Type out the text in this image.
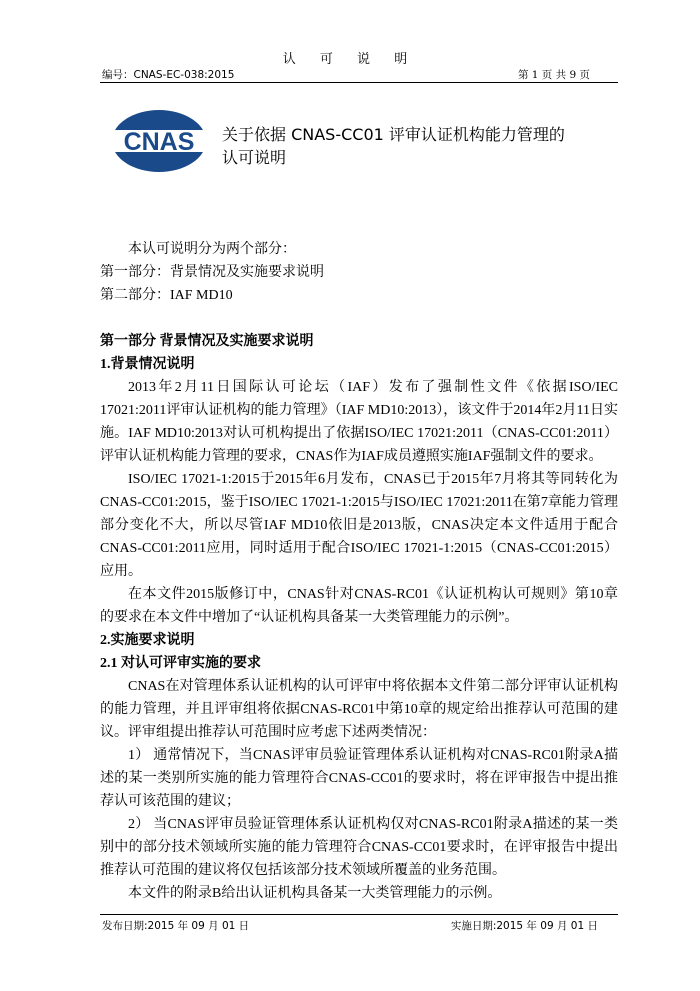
认 可 说 明
编号：CNAS-EC-038:2015	第 1 页 共 9 页
CNAS 关于依据 CNAS-CC01 评审认证机构能力管理的
认可说明

本认可说明分为两个部分：

第一部分：背景情况及实施要求说明

第二部分：IAF MD10

第一部分 背景情况及实施要求说明

1.背景情况说明

2013年2月11日国际认可论坛（IAF）发布了强制性文件《依据ISO/IEC 17021:2011评审认证机构的能力管理》（IAF MD10:2013），该文件于2014年2月11日实施。IAF MD10:2013对认可机构提出了依据ISO/IEC 17021:2011（CNAS-CC01:2011）评审认证机构能力管理的要求，CNAS作为IAF成员遵照实施IAF强制文件的要求。

ISO/IEC 17021-1:2015于2015年6月发布，CNAS已于2015年7月将其等同转化为CNAS-CC01:2015，鉴于ISO/IEC 17021-1:2015与ISO/IEC 17021:2011在第7章能力管理部分变化不大，所以尽管IAF MD10依旧是2013版，CNAS决定本文件适用于配合CNAS-CC01:2011应用，同时适用于配合ISO/IEC 17021-1:2015（CNAS-CC01:2015）应用。

在本文件2015版修订中，CNAS针对CNAS-RC01《认证机构认可规则》第10章的要求在本文件中增加了“认证机构具备某一大类管理能力的示例”。

2.实施要求说明

2.1 对认可评审实施的要求

CNAS在对管理体系认证机构的认可评审中将依据本文件第二部分评审认证机构的能力管理，并且评审组将依据CNAS-RC01中第10章的规定给出推荐认可范围的建议。评审组提出推荐认可范围时应考虑下述两类情况：

1） 通常情况下，当CNAS评审员验证管理体系认证机构对CNAS-RC01附录A描述的某一类别所实施的能力管理符合CNAS-CC01的要求时，将在评审报告中提出推荐认可该范围的建议；

2） 当CNAS评审员验证管理体系认证机构仅对CNAS-RC01附录A描述的某一类别中的部分技术领域所实施的能力管理符合CNAS-CC01要求时，在评审报告中提出推荐认可范围的建议将仅包括该部分技术领域所覆盖的业务范围。

本文件的附录B给出认证机构具备某一大类管理能力的示例。

发布日期:2015 年 09 月 01 日	实施日期:2015 年 09 月 01 日
